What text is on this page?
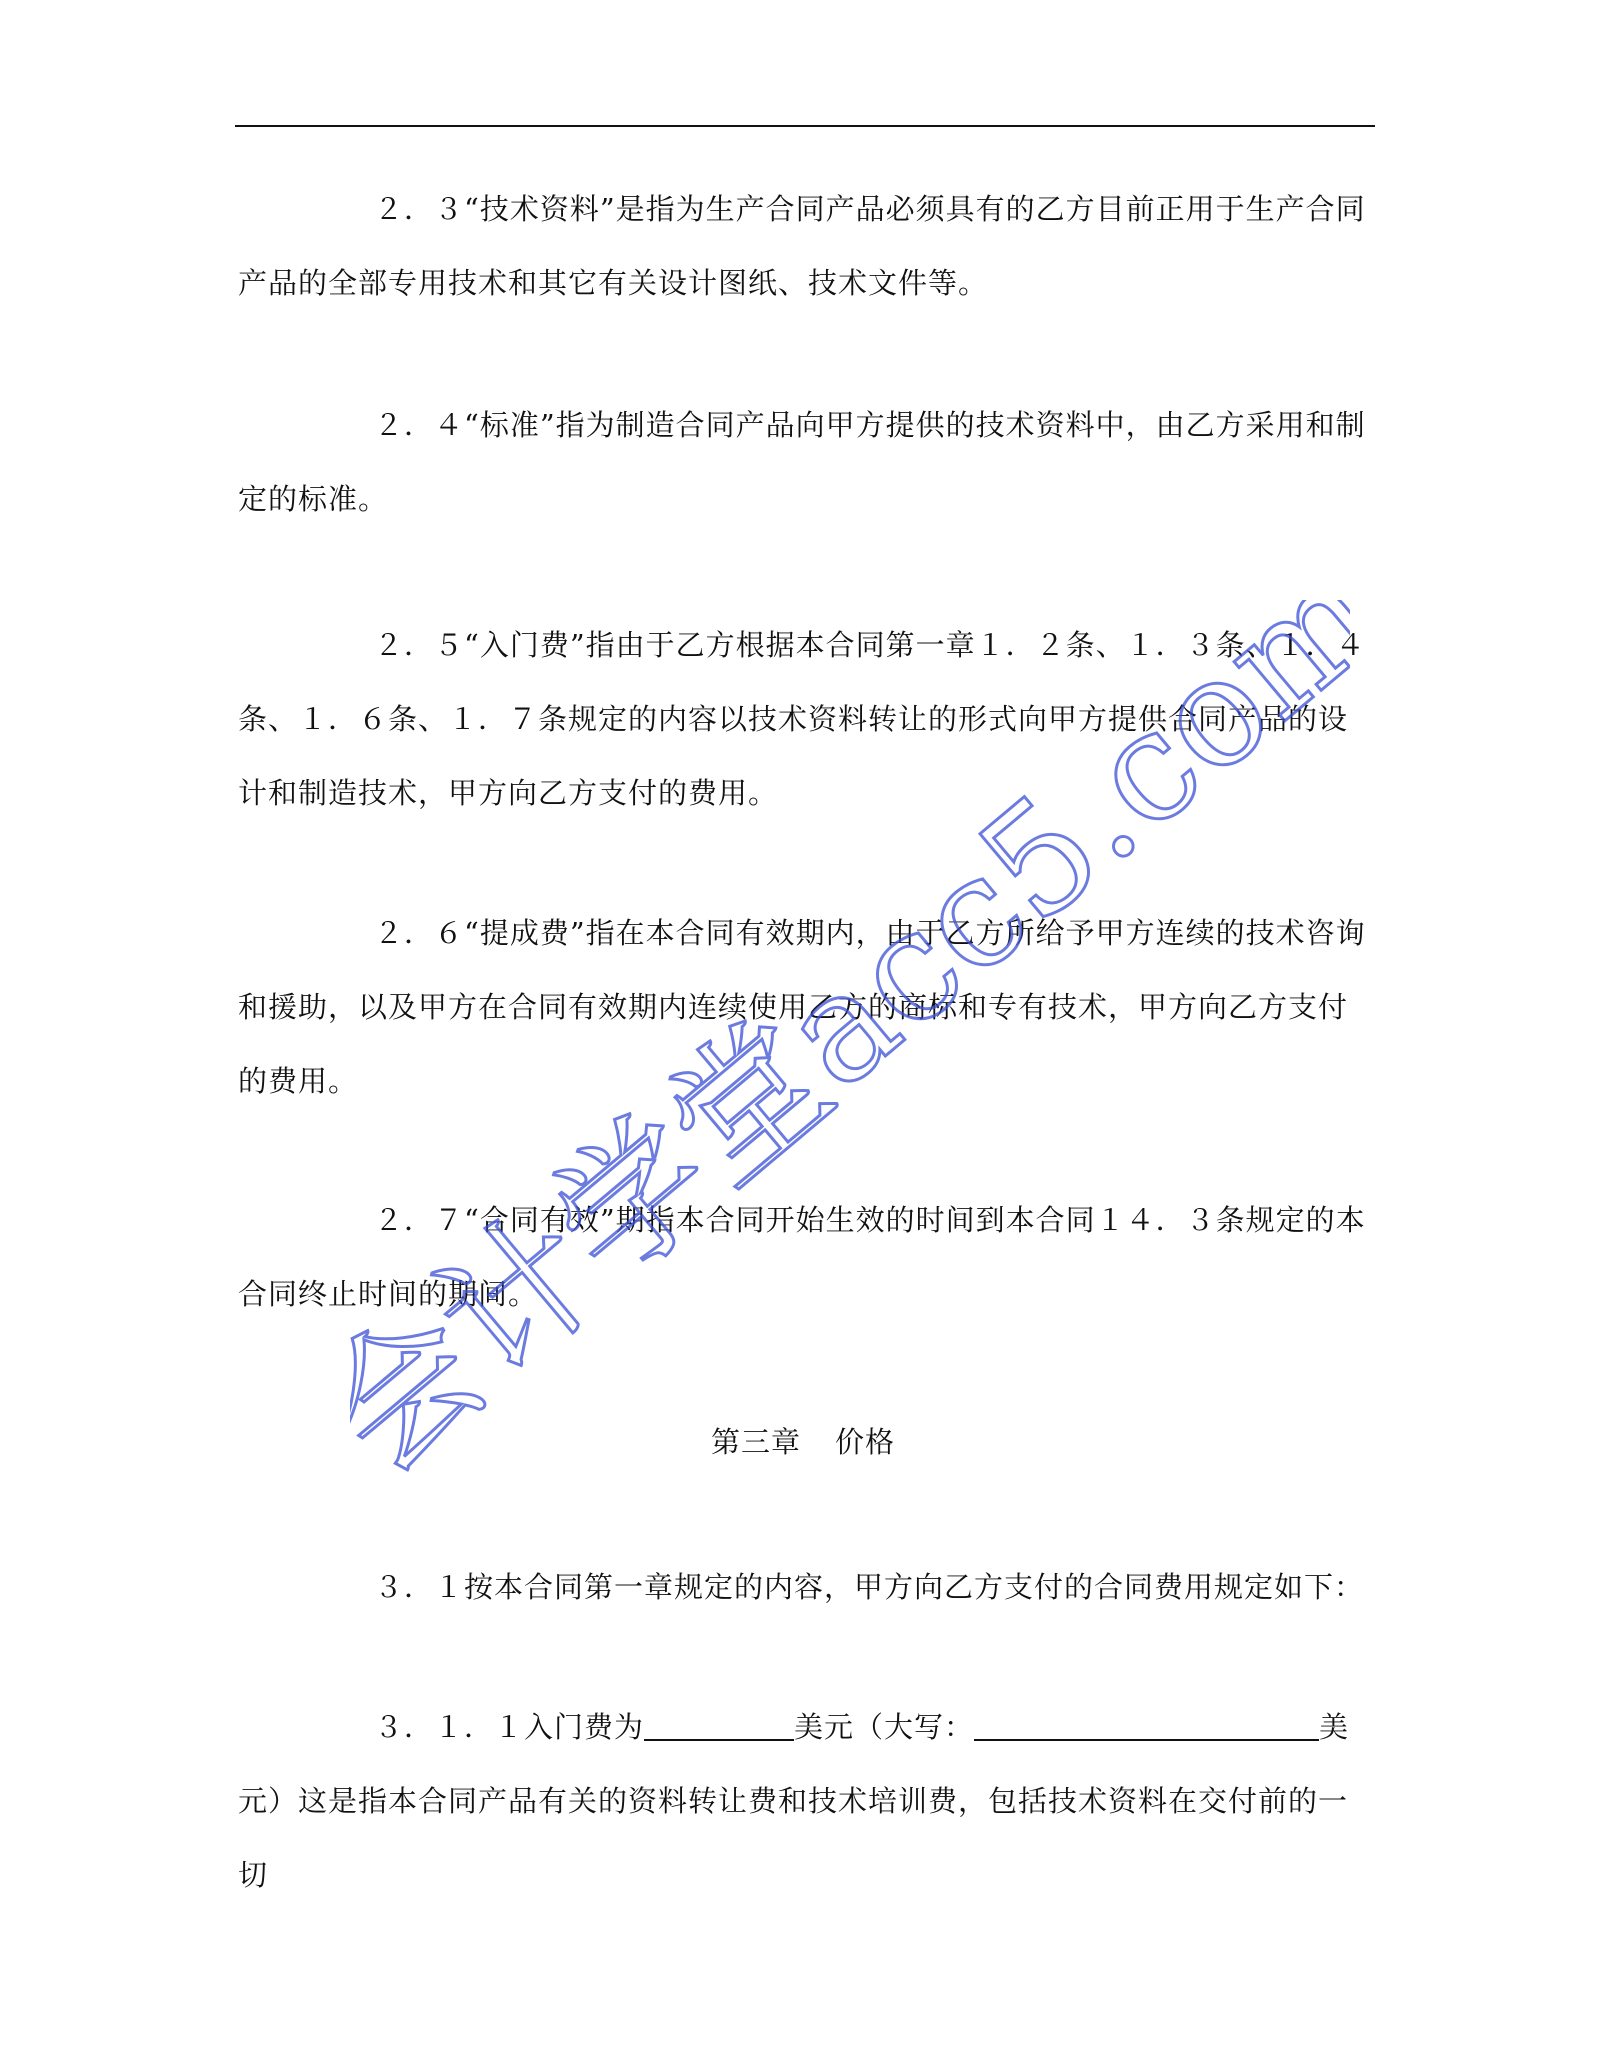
２．３“技术资料”是指为生产合同产品必须具有的乙方目前正用于生产合同产品的全部专用技术和其它有关设计图纸、技术文件等。

２．４“标准”指为制造合同产品向甲方提供的技术资料中，由乙方采用和制定的标准。

２．５“入门费”指由于乙方根据本合同第一章１．２条、１．３条、１．４条、１．６条、１．７条规定的内容以技术资料转让的形式向甲方提供合同产品的设计和制造技术，甲方向乙方支付的费用。

２．６“提成费”指在本合同有效期内，由于乙方所给予甲方连续的技术咨询和援助，以及甲方在合同有效期内连续使用乙方的商标和专有技术，甲方向乙方支付的费用。

２．７“合同有效”期指本合同开始生效的时间到本合同１４．３条规定的本合同终止时间的期间。

第三章 价格

３．１按本合同第一章规定的内容，甲方向乙方支付的合同费用规定如下：

３．１．１入门费为	美元（大写：	美元）这是指本合同产品有关的资料转让费和技术培训费，包括技术资料在交付前的一切

会计学堂acc5.com
